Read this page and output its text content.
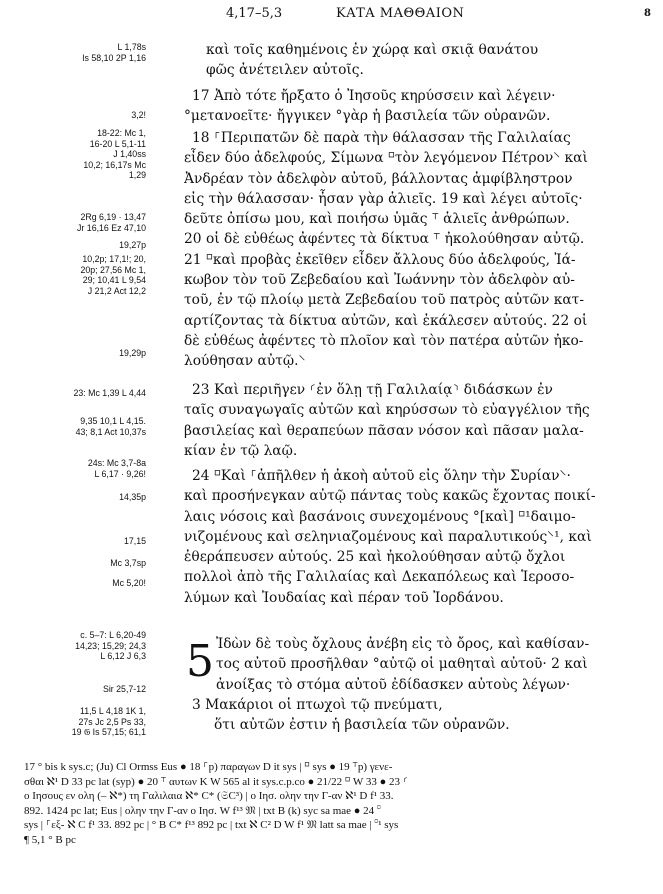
4,17–5,3	ΚΑΤΑ ΜΑΘΘΑΙΟΝ	8
L 1,78s
Is 58,10 2P 1,16
3,2!
18-22: Mc 1,
16-20 L 5,1-11
J 1,40ss
10,2; 16,17s Mc
1,29
2Rg 6,19 · 13,47
Jr 16,16 Ez 47,10
19,27p
10,2p; 17,1!; 20,
20p; 27,56 Mc 1,
29; 10,41 L 9,54
J 21,2 Act 12,2
19,29p
23: Mc 1,39 L 4,44
9,35 10,1 L 4,15.
43; 8,1 Act 10,37s
24s: Mc 3,7-8a
L 6,17 · 9,26!
14,35p
17,15
Mc 3,7sp
Mc 5,20!
c. 5–7: L 6,20-49
14,23; 15,29; 24,3
L 6,12 J 6,3
Sir 25,7-12
11,5 L 4,18 1K 1,
27s Jc 2,5 Ps 33,
19 𝔊 Is 57,15; 61,1
καὶ τοῖς καθημένοις ἐν χώρᾳ καὶ σκιᾷ θανάτου
φῶς ἀνέτειλεν αὐτοῖς.
17 Ἀπὸ τότε ἤρξατο ὁ Ἰησοῦς κηρύσσειν καὶ λέγειν·
°μετανοεῖτε· ἤγγικεν °γὰρ ἡ βασιλεία τῶν οὐρανῶν.
18 ⸀Περιπατῶν δὲ παρὰ τὴν θάλασσαν τῆς Γαλιλαίας
εἶδεν δύο ἀδελφούς, Σίμωνα ⸋τὸν λεγόμενον Πέτρον⸌ καὶ
Ἀνδρέαν τὸν ἀδελφὸν αὐτοῦ, βάλλοντας ἀμφίβληστρον
εἰς τὴν θάλασσαν· ἦσαν γὰρ ἁλιεῖς. 19 καὶ λέγει αὐτοῖς·
δεῦτε ὀπίσω μου, καὶ ποιήσω ὑμᾶς ⸆ ἁλιεῖς ἀνθρώπων.
20 οἱ δὲ εὐθέως ἀφέντες τὰ δίκτυα ⸆ ἠκολούθησαν αὐτῷ.
21 ⸋καὶ προβὰς ἐκεῖθεν εἶδεν ἄλλους δύο ἀδελφούς, Ἰά-
κωβον τὸν τοῦ Ζεβεδαίου καὶ Ἰωάννην τὸν ἀδελφὸν αὐ-
τοῦ, ἐν τῷ πλοίῳ μετὰ Ζεβεδαίου τοῦ πατρὸς αὐτῶν κατ-
αρτίζοντας τὰ δίκτυα αὐτῶν, καὶ ἐκάλεσεν αὐτούς. 22 οἱ
δὲ εὐθέως ἀφέντες τὸ πλοῖον καὶ τὸν πατέρα αὐτῶν ἠκο-
λούθησαν αὐτῷ.⸌
23 Καὶ περιῆγεν ⸂ἐν ὅλῃ τῇ Γαλιλαίᾳ⸃ διδάσκων ἐν
ταῖς συναγωγαῖς αὐτῶν καὶ κηρύσσων τὸ εὐαγγέλιον τῆς
βασιλείας καὶ θεραπεύων πᾶσαν νόσον καὶ πᾶσαν μαλα-
κίαν ἐν τῷ λαῷ.
24 ⸋Καὶ ⸀ἀπῆλθεν ἡ ἀκοὴ αὐτοῦ εἰς ὅλην τὴν Συρίαν⸌·
καὶ προσήνεγκαν αὐτῷ πάντας τοὺς κακῶς ἔχοντας ποικί-
λαις νόσοις καὶ βασάνοις συνεχομένους °[καὶ] ⸋¹δαιμο-
νιζομένους καὶ σεληνιαζομένους καὶ παραλυτικούς⸌¹, καὶ
ἐθεράπευσεν αὐτούς. 25 καὶ ἠκολούθησαν αὐτῷ ὄχλοι
πολλοὶ ἀπὸ τῆς Γαλιλαίας καὶ Δεκαπόλεως καὶ Ἱεροσο-
λύμων καὶ Ἰουδαίας καὶ πέραν τοῦ Ἰορδάνου.
Ἰδὼν δὲ τοὺς ὄχλους ἀνέβη εἰς τὸ ὄρος, καὶ καθίσαν-
τος αὐτοῦ προσῆλθαν °αὐτῷ οἱ μαθηταὶ αὐτοῦ· 2 καὶ
ἀνοίξας τὸ στόμα αὐτοῦ ἐδίδασκεν αὐτοὺς λέγων·
3 Μακάριοι οἱ πτωχοὶ τῷ πνεύματι,
ὅτι αὐτῶν ἐστιν ἡ βασιλεία τῶν οὐρανῶν.
5
17 ° bis k sys.c; (Ju) Cl Ormss Eus ● 18 ⸀p) παραγων D it sys | ⸋ sys ● 19 ⸆p) γενε-
σθαι ℵ¹ D 33 pc lat (syp) ● 20 ⸆ αυτων K W 565 al it sys.c.p.co ● 21/22 ⸋ W 33 ● 23 ⸂
ο Ιησους εν ολη (– ℵ*) τη Γαλιλαια ℵ* C* (𝔖C³) | ο Ιησ. ολην την Γ-αν ℵ¹ D f¹ 33.
892. 1424 pc lat; Eus | ολην την Γ-αν ο Ιησ. W f¹³ 𝔐 | txt B (k) syc sa mae ● 24 ⸋
sys | ⸀εξ- ℵ C f¹ 33. 892 pc | ° B C* f¹³ 892 pc | txt ℵ C² D W f¹ 𝔐 latt sa mae | ⸋¹ sys
¶ 5,1 ° B pc
